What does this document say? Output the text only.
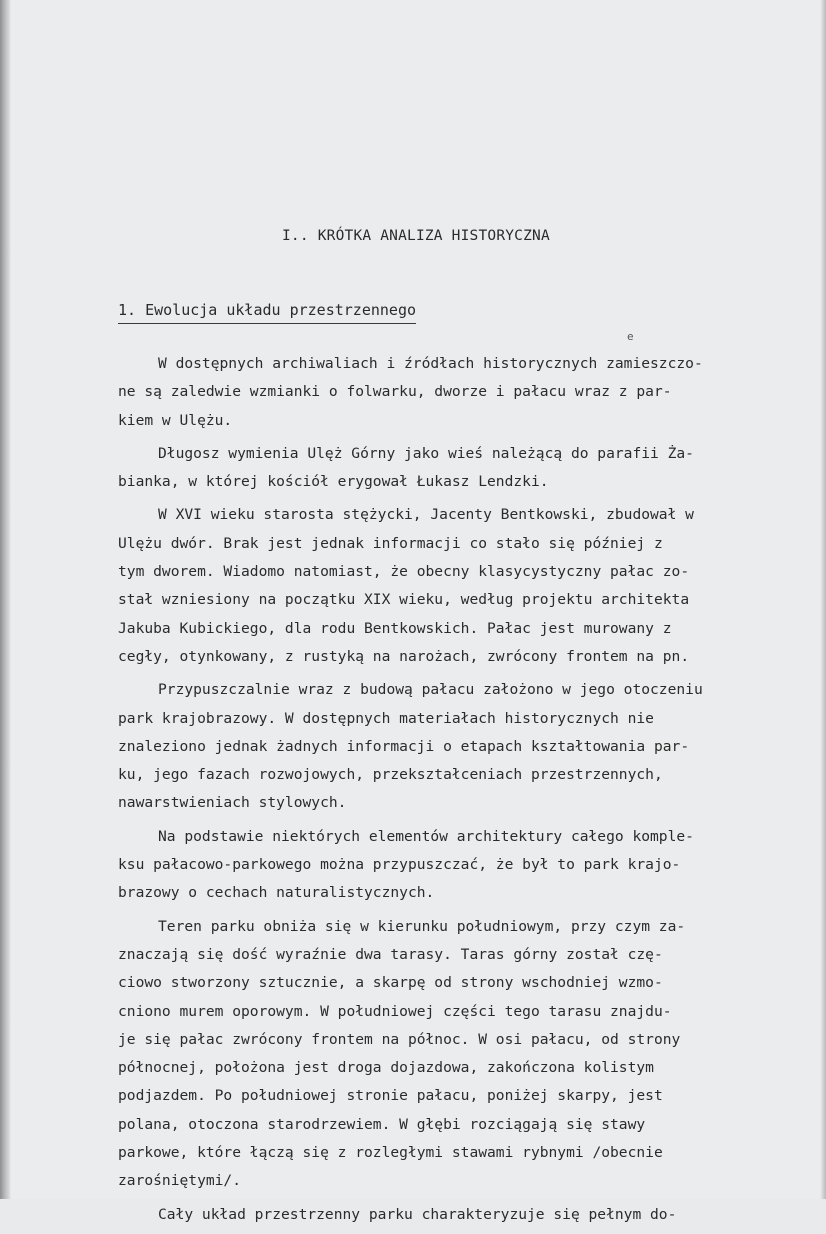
I.. KRÓTKA ANALIZA HISTORYCZNA
1. Ewolucja układu przestrzennego
e
W dostępnych archiwaliach i źródłach historycznych zamieszczo-
ne są zaledwie wzmianki o folwarku, dworze i pałacu wraz z par-
kiem w Ulężu.
Długosz wymienia Ulęż Górny jako wieś należącą do parafii Ża-
bianka, w której kościół erygował Łukasz Lendzki.
W XVI wieku starosta stężycki, Jacenty Bentkowski, zbudował w
Ulężu dwór. Brak jest jednak informacji co stało się później z
tym dworem. Wiadomo natomiast, że obecny klasycystyczny pałac zo-
stał wzniesiony na początku XIX wieku, według projektu architekta
Jakuba Kubickiego, dla rodu Bentkowskich. Pałac jest murowany z
cegły, otynkowany, z rustyką na narożach, zwrócony frontem na pn.
Przypuszczalnie wraz z budową pałacu założono w jego otoczeniu
park krajobrazowy. W dostępnych materiałach historycznych nie
znaleziono jednak żadnych informacji o etapach kształtowania par-
ku, jego fazach rozwojowych, przekształceniach przestrzennych,
nawarstwieniach stylowych.
Na podstawie niektórych elementów architektury całego komple-
ksu pałacowo-parkowego można przypuszczać, że był to park krajo-
brazowy o cechach naturalistycznych.
Teren parku obniża się w kierunku południowym, przy czym za-
znaczają się dość wyraźnie dwa tarasy. Taras górny został czę-
ciowo stworzony sztucznie, a skarpę od strony wschodniej wzmo-
cniono murem oporowym. W południowej części tego tarasu znajdu-
je się pałac zwrócony frontem na północ. W osi pałacu, od strony
północnej, położona jest droga dojazdowa, zakończona kolistym
podjazdem. Po południowej stronie pałacu, poniżej skarpy, jest
polana, otoczona starodrzewiem. W głębi rozciągają się stawy
parkowe, które łączą się z rozległymi stawami rybnymi /obecnie
zarośniętymi/.
Cały układ przestrzenny parku charakteryzuje się pełnym do-
